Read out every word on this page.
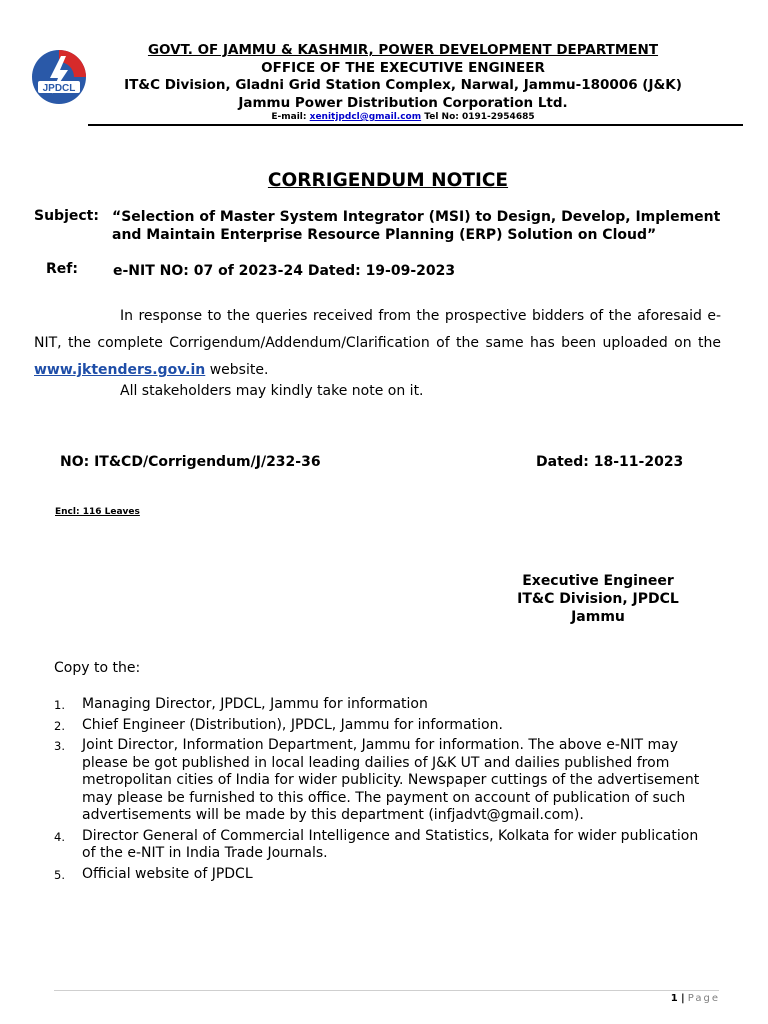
JPDCL
GOVT. OF JAMMU & KASHMIR, POWER DEVELOPMENT DEPARTMENT
OFFICE OF THE EXECUTIVE ENGINEER
IT&C Division, Gladni Grid Station Complex, Narwal, Jammu-180006 (J&K)
Jammu Power Distribution Corporation Ltd.
E-mail: xenitjpdcl@gmail.com Tel No: 0191-2954685
CORRIGENDUM NOTICE
Subject: “Selection of Master System Integrator (MSI) to Design, Develop, Implement and Maintain Enterprise Resource Planning (ERP) Solution on Cloud”
Ref:	e-NIT NO: 07 of 2023-24 Dated: 19-09-2023
In response to the queries received from the prospective bidders of the aforesaid e-NIT, the complete Corrigendum/Addendum/Clarification of the same has been uploaded on the www.jktenders.gov.in website.
All stakeholders may kindly take note on it.
NO: IT&CD/Corrigendum/J/232-36	Dated: 18-11-2023
Encl: 116 Leaves
Executive Engineer
IT&C Division, JPDCL
Jammu
Copy to the:
1. Managing Director, JPDCL, Jammu for information
2. Chief Engineer (Distribution), JPDCL, Jammu for information.
3. Joint Director, Information Department, Jammu for information. The above e-NIT may please be got published in local leading dailies of J&K UT and dailies published from metropolitan cities of India for wider publicity. Newspaper cuttings of the advertisement may please be furnished to this office. The payment on account of publication of such advertisements will be made by this department (infjadvt@gmail.com).
4. Director General of Commercial Intelligence and Statistics, Kolkata for wider publication of the e-NIT in India Trade Journals.
5. Official website of JPDCL
1 | Page
